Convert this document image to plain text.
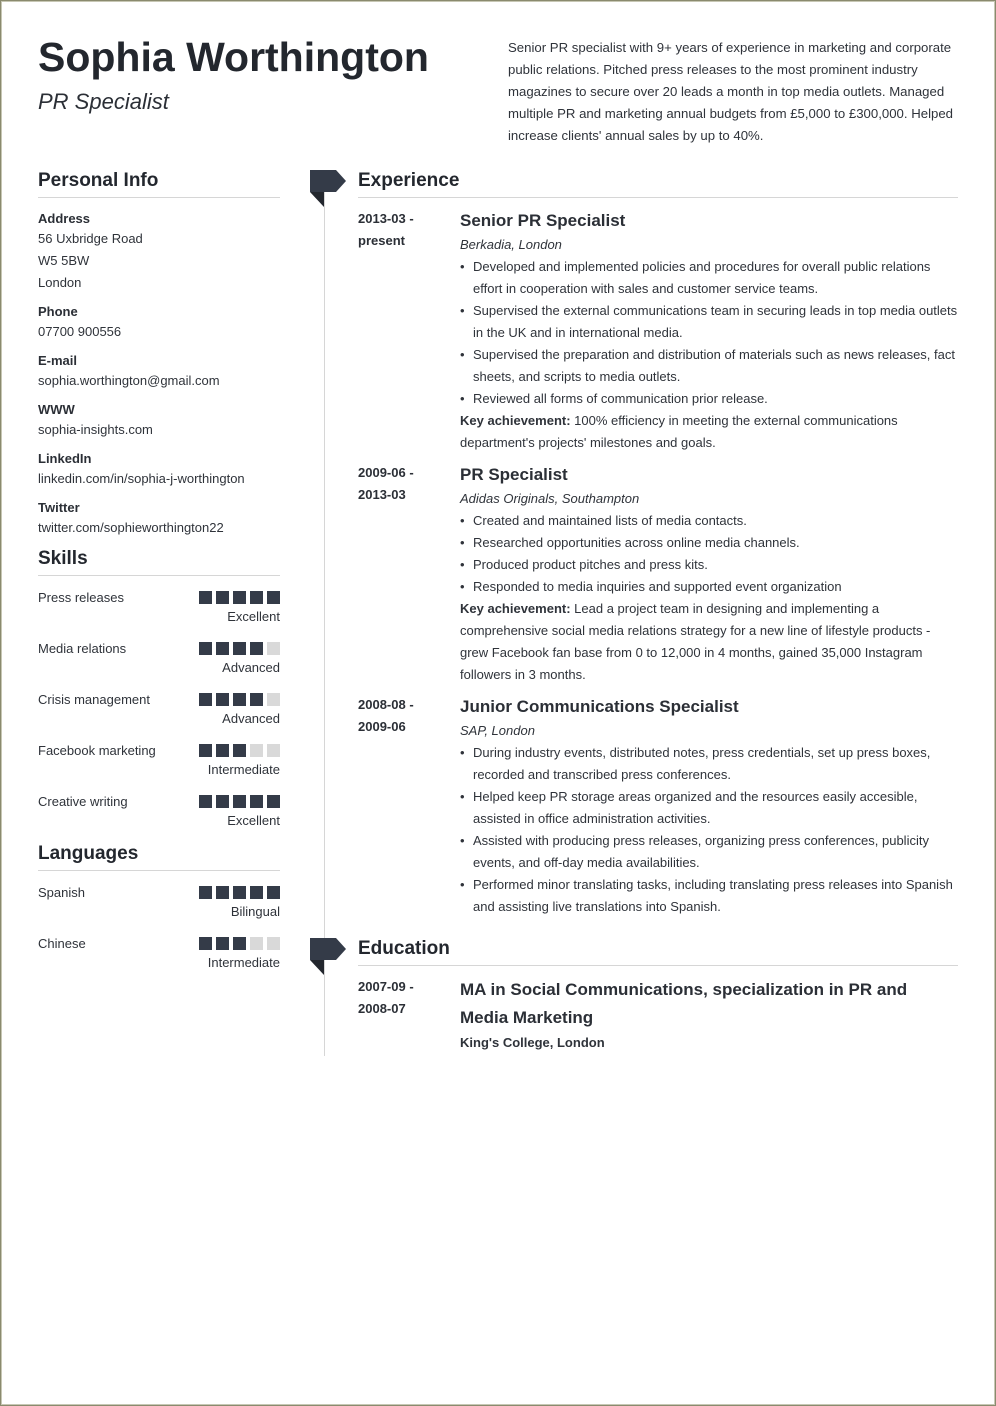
Sophia Worthington
PR Specialist

Senior PR specialist with 9+ years of experience in marketing and corporate public relations. Pitched press releases to the most prominent industry magazines to secure over 20 leads a month in top media outlets. Managed multiple PR and marketing annual budgets from £5,000 to £300,000. Helped increase clients' annual sales by up to 40%.

Personal Info
Address
56 Uxbridge Road
W5 5BW
London
Phone
07700 900556
E-mail
sophia.worthington@gmail.com
WWW
sophia-insights.com
LinkedIn
linkedin.com/in/sophia-j-worthington
Twitter
twitter.com/sophieworthington22
Skills
Press releases
Excellent
Media relations
Advanced
Crisis management
Advanced
Facebook marketing
Intermediate
Creative writing
Excellent
Languages
Spanish
Bilingual
Chinese
Intermediate
Experience
2013-03 -
present
Senior PR Specialist
Berkadia, London
• Developed and implemented policies and procedures for overall public relations effort in cooperation with sales and customer service teams.
• Supervised the external communications team in securing leads in top media outlets in the UK and in international media.
• Supervised the preparation and distribution of materials such as news releases, fact sheets, and scripts to media outlets.
• Reviewed all forms of communication prior release.
Key achievement: 100% efficiency in meeting the external communications department's projects' milestones and goals.
2009-06 -
2013-03
PR Specialist
Adidas Originals, Southampton
• Created and maintained lists of media contacts.
• Researched opportunities across online media channels.
• Produced product pitches and press kits.
• Responded to media inquiries and supported event organization
Key achievement: Lead a project team in designing and implementing a comprehensive social media relations strategy for a new line of lifestyle products - grew Facebook fan base from 0 to 12,000 in 4 months, gained 35,000 Instagram followers in 3 months.
2008-08 -
2009-06
Junior Communications Specialist
SAP, London
• During industry events, distributed notes, press credentials, set up press boxes, recorded and transcribed press conferences.
• Helped keep PR storage areas organized and the resources easily accesible, assisted in office administration activities.
• Assisted with producing press releases, organizing press conferences, publicity events, and off-day media availabilities.
• Performed minor translating tasks, including translating press releases into Spanish and assisting live translations into Spanish.
Education
2007-09 -
2008-07
MA in Social Communications, specialization in PR and Media Marketing
King's College, London
